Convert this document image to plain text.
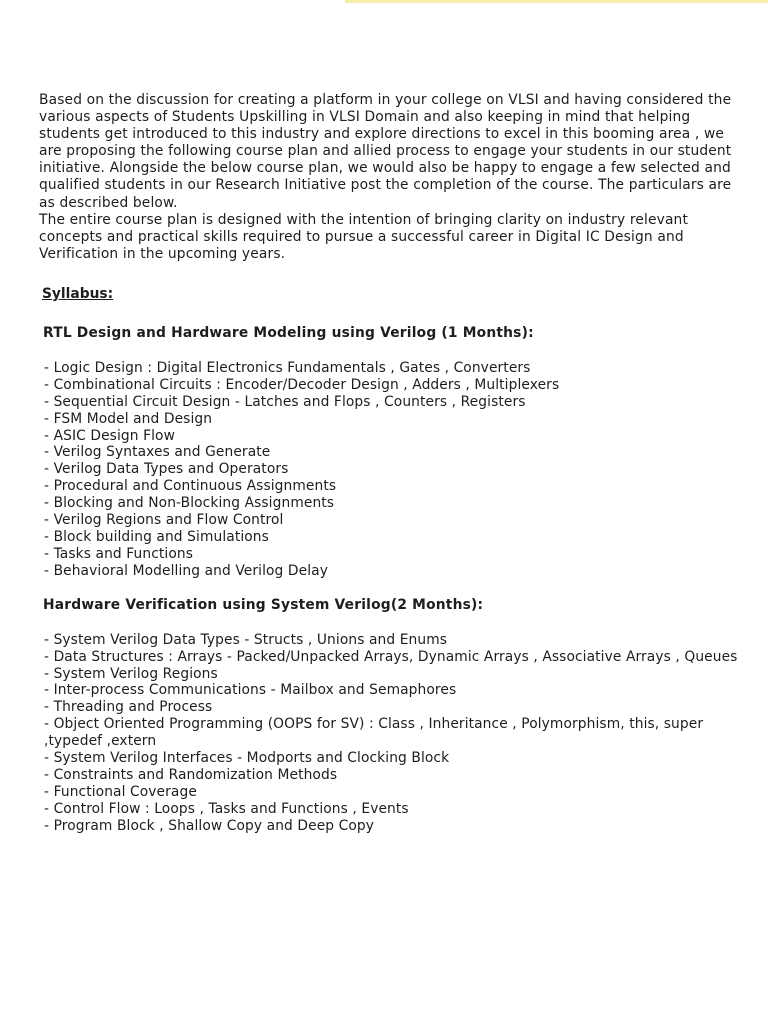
Based on the discussion for creating a platform in your college on VLSI and having considered the various aspects of Students Upskilling in VLSI Domain and also keeping in mind that helping students get introduced to this industry and explore directions to excel in this booming area , we are proposing the following course plan and allied process to engage your students in our student initiative. Alongside the below course plan, we would also be happy to engage a few selected and qualified students in our Research Initiative post the completion of the course. The particulars are as described below.

The entire course plan is designed with the intention of bringing clarity on industry relevant concepts and practical skills required to pursue a successful career in Digital IC Design and Verification in the upcoming years.

Syllabus:
RTL Design and Hardware Modeling using Verilog (1 Months):
- Logic Design : Digital Electronics Fundamentals , Gates , Converters
- Combinational Circuits : Encoder/Decoder Design , Adders , Multiplexers
- Sequential Circuit Design - Latches and Flops , Counters , Registers
- FSM Model and Design
- ASIC Design Flow
- Verilog Syntaxes and Generate
- Verilog Data Types and Operators
- Procedural and Continuous Assignments
- Blocking and Non-Blocking Assignments
- Verilog Regions and Flow Control
- Block building and Simulations
- Tasks and Functions
- Behavioral Modelling and Verilog Delay
Hardware Verification using System Verilog(2 Months):
- System Verilog Data Types - Structs , Unions and Enums
- Data Structures : Arrays - Packed/Unpacked Arrays, Dynamic Arrays , Associative Arrays , Queues
- System Verilog Regions
- Inter-process Communications - Mailbox and Semaphores
- Threading and Process
- Object Oriented Programming (OOPS for SV) : Class , Inheritance , Polymorphism, this, super ,typedef ,extern
- System Verilog Interfaces - Modports and Clocking Block
- Constraints and Randomization Methods
- Functional Coverage
- Control Flow : Loops , Tasks and Functions , Events
- Program Block , Shallow Copy and Deep Copy
